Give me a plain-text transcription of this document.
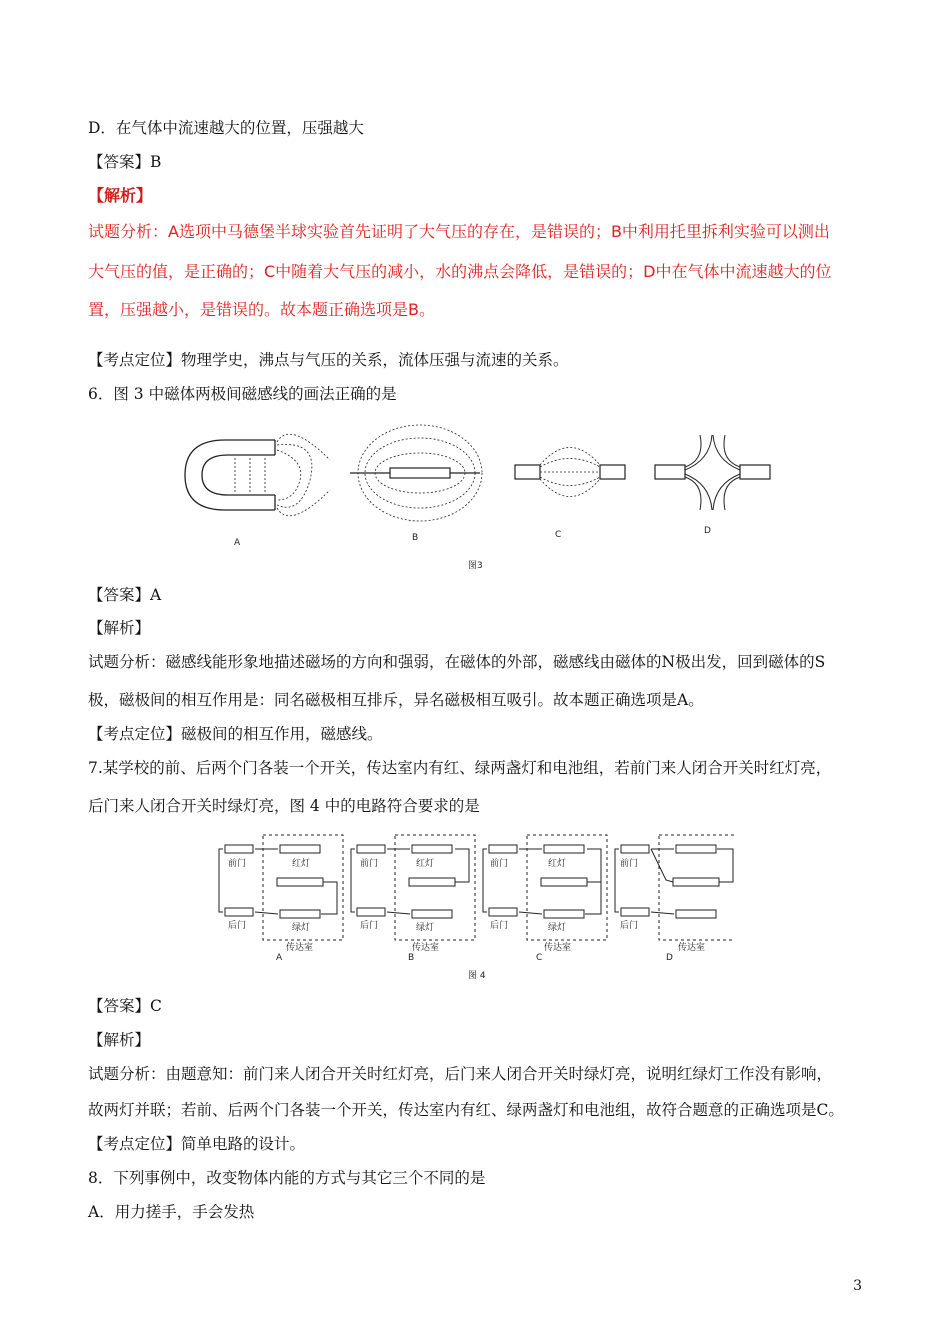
D．在气体中流速越大的位置，压强越大
【答案】B
【解析】
试题分析：A选项中马德堡半球实验首先证明了大气压的存在，是错误的；B中利用托里拆利实验可以测出
大气压的值，是正确的；C中随着大气压的减小，水的沸点会降低，是错误的；D中在气体中流速越大的位
置，压强越小，是错误的。故本题正确选项是B。
【考点定位】物理学史，沸点与气压的关系，流体压强与流速的关系。
6．图 3 中磁体两极间磁感线的画法正确的是
A	B	C	D
图3
【答案】A
【解析】
试题分析：磁感线能形象地描述磁场的方向和强弱，在磁体的外部，磁感线由磁体的N极出发，回到磁体的S
极，磁极间的相互作用是：同名磁极相互排斥，异名磁极相互吸引。故本题正确选项是A。
【考点定位】磁极间的相互作用，磁感线。
7.某学校的前、后两个门各装一个开关，传达室内有红、绿两盏灯和电池组，若前门来人闭合开关时红灯亮，
后门来人闭合开关时绿灯亮，图 4 中的电路符合要求的是
前门
后门
红灯
绿灯
传达室
A
前门
后门
红灯
绿灯
传达室
B
前门
后门
红灯
绿灯
传达室
C
前门
后门
传达室
D
图 4
【答案】C
【解析】
试题分析：由题意知：前门来人闭合开关时红灯亮，后门来人闭合开关时绿灯亮，说明红绿灯工作没有影响，
故两灯并联；若前、后两个门各装一个开关，传达室内有红、绿两盏灯和电池组，故符合题意的正确选项是C。
【考点定位】简单电路的设计。
8．下列事例中，改变物体内能的方式与其它三个不同的是
A．用力搓手，手会发热
3
